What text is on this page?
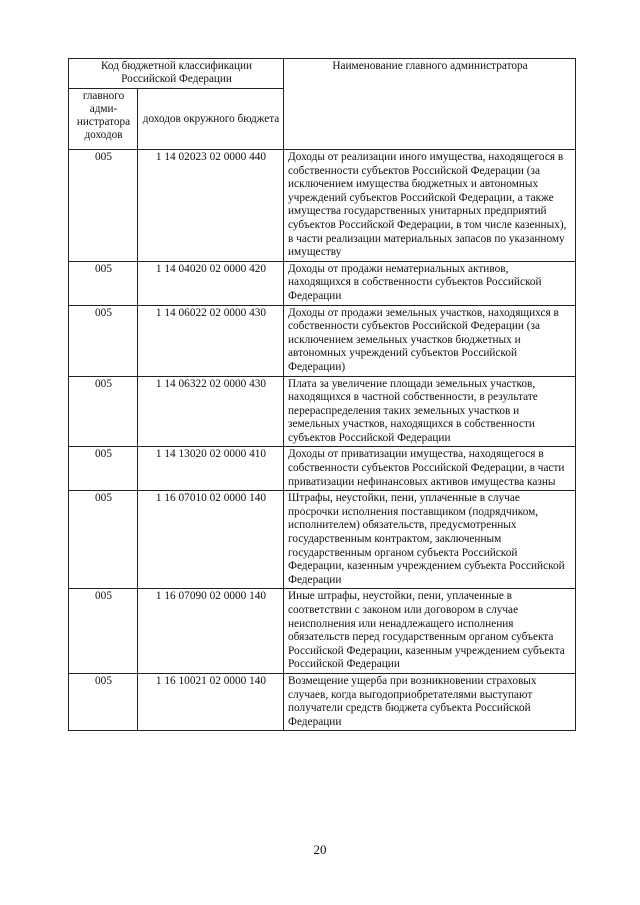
Код бюджетной классификации Российской Федерации		Наименование главного администратора
главного адми-нистратора доходов	доходов окружного бюджета	
005	1 14 02023 02 0000 440	Доходы от реализации иного имущества, находящегося в собственности субъектов Российской Федерации (за исключением имущества бюджетных и автономных учреждений субъектов Российской Федерации, а также имущества государственных унитарных предприятий субъектов Российской Федерации, в том числе казенных), в части реализации материальных запасов по указанному имуществу
005	1 14 04020 02 0000 420	Доходы от продажи нематериальных активов, находящихся в собственности субъектов Российской Федерации
005	1 14 06022 02 0000 430	Доходы от продажи земельных участков, находящихся в собственности субъектов Российской Федерации (за исключением земельных участков бюджетных и автономных учреждений субъектов Российской Федерации)
005	1 14 06322 02 0000 430	Плата за увеличение площади земельных участков, находящихся в частной собственности, в результате перераспределения таких земельных участков и земельных участков, находящихся в собственности субъектов Российской Федерации
005	1 14 13020 02 0000 410	Доходы от приватизации имущества, находящегося в собственности субъектов Российской Федерации, в части приватизации нефинансовых активов имущества казны
005	1 16 07010 02 0000 140	Штрафы, неустойки, пени, уплаченные в случае просрочки исполнения поставщиком (подрядчиком, исполнителем) обязательств, предусмотренных государственным контрактом, заключенным государственным органом субъекта Российской Федерации, казенным учреждением субъекта Российской Федерации
005	1 16 07090 02 0000 140	Иные штрафы, неустойки, пени, уплаченные в соответствии с законом или договором в случае неисполнения или ненадлежащего исполнения обязательств перед государственным органом субъекта Российской Федерации, казенным учреждением субъекта Российской Федерации
005	1 16 10021 02 0000 140	Возмещение ущерба при возникновении страховых случаев, когда выгодоприобретателями выступают получатели средств бюджета субъекта Российской Федерации
20
